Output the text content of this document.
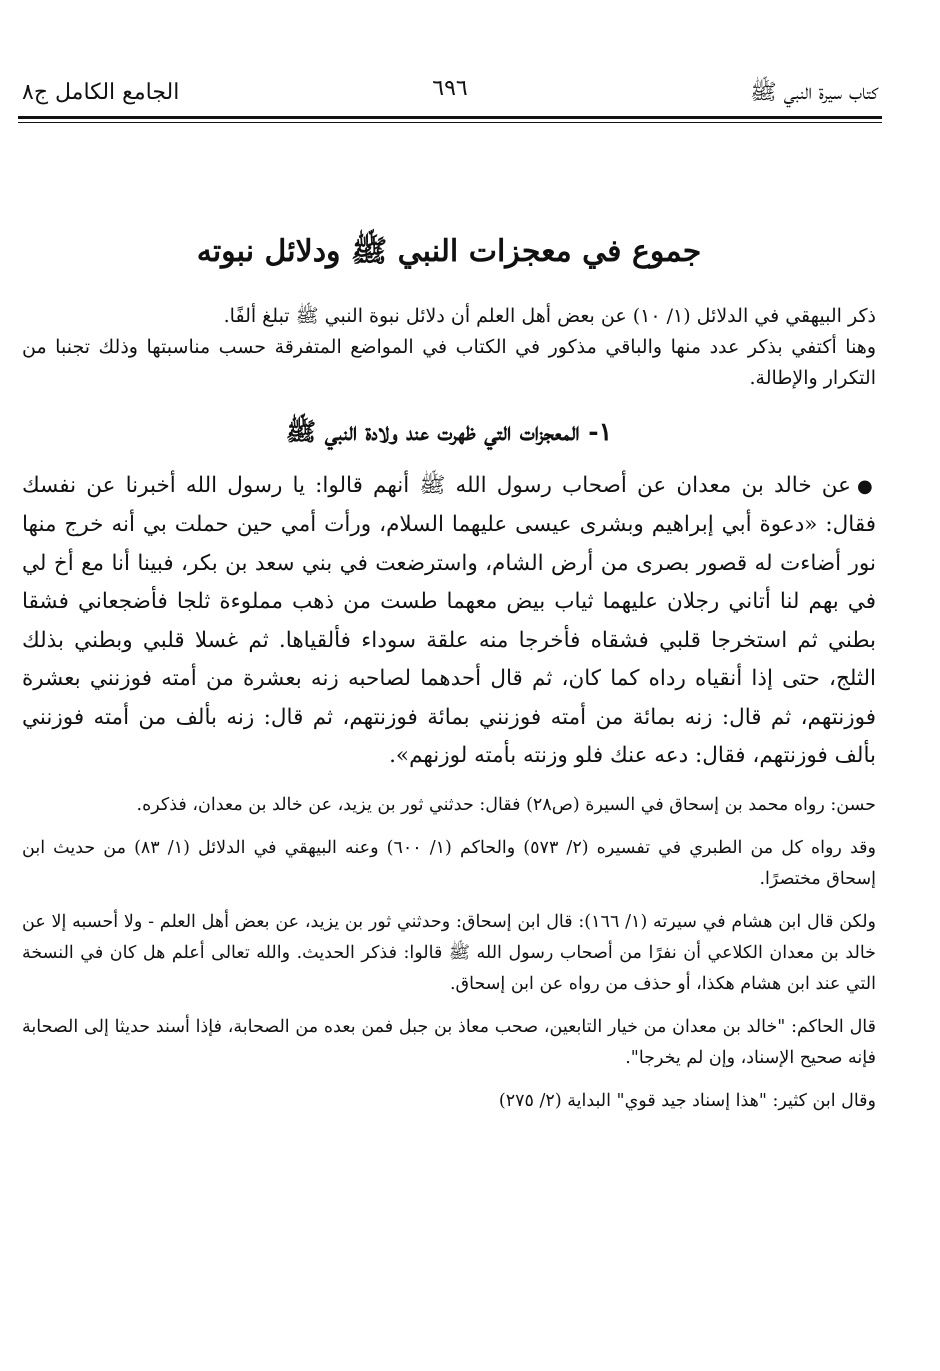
كتاب سيرة النبي ﷺ
٦٩٦
الجامع الكامل ج٨
جموع في معجزات النبي ﷺ ودلائل نبوته

ذكر البيهقي في الدلائل (١/ ١٠) عن بعض أهل العلم أن دلائل نبوة النبي ﷺ تبلغ ألفًا.

وهنا أكتفي بذكر عدد منها والباقي مذكور في الكتاب في المواضع المتفرقة حسب مناسبتها وذلك تجنبا من التكرار والإطالة.

١- المعجزات التي ظهرت عند ولادة النبي ﷺ

●عن خالد بن معدان عن أصحاب رسول الله ﷺ أنهم قالوا: يا رسول الله أخبرنا عن نفسك فقال: «دعوة أبي إبراهيم وبشرى عيسى عليهما السلام، ورأت أمي حين حملت بي أنه خرج منها نور أضاءت له قصور بصرى من أرض الشام، واسترضعت في بني سعد بن بكر، فبينا أنا مع أخ لي في بهم لنا أتاني رجلان عليهما ثياب بيض معهما طست من ذهب مملوءة ثلجا فأضجعاني فشقا بطني ثم استخرجا قلبي فشقاه فأخرجا منه علقة سوداء فألقياها. ثم غسلا قلبي وبطني بذلك الثلج، حتى إذا أنقياه رداه كما كان، ثم قال أحدهما لصاحبه زنه بعشرة من أمته فوزنني بعشرة فوزنتهم، ثم قال: زنه بمائة من أمته فوزنني بمائة فوزنتهم، ثم قال: زنه بألف من أمته فوزنني بألف فوزنتهم، فقال: دعه عنك فلو وزنته بأمته لوزنهم».

حسن: رواه محمد بن إسحاق في السيرة (ص٢٨) فقال: حدثني ثور بن يزيد، عن خالد بن معدان، فذكره.

وقد رواه كل من الطبري في تفسيره (٢/ ٥٧٣) والحاكم (١/ ٦٠٠) وعنه البيهقي في الدلائل (١/ ٨٣) من حديث ابن إسحاق مختصرًا.

ولكن قال ابن هشام في سيرته (١/ ١٦٦): قال ابن إسحاق: وحدثني ثور بن يزيد، عن بعض أهل العلم - ولا أحسبه إلا عن خالد بن معدان الكلاعي أن نفرًا من أصحاب رسول الله ﷺ قالوا: فذكر الحديث. والله تعالى أعلم هل كان في النسخة التي عند ابن هشام هكذا، أو حذف من رواه عن ابن إسحاق.

قال الحاكم: "خالد بن معدان من خيار التابعين، صحب معاذ بن جبل فمن بعده من الصحابة، فإذا أسند حديثا إلى الصحابة فإنه صحيح الإسناد، وإن لم يخرجا".

وقال ابن كثير: "هذا إسناد جيد قوي" البداية (٢/ ٢٧٥)
